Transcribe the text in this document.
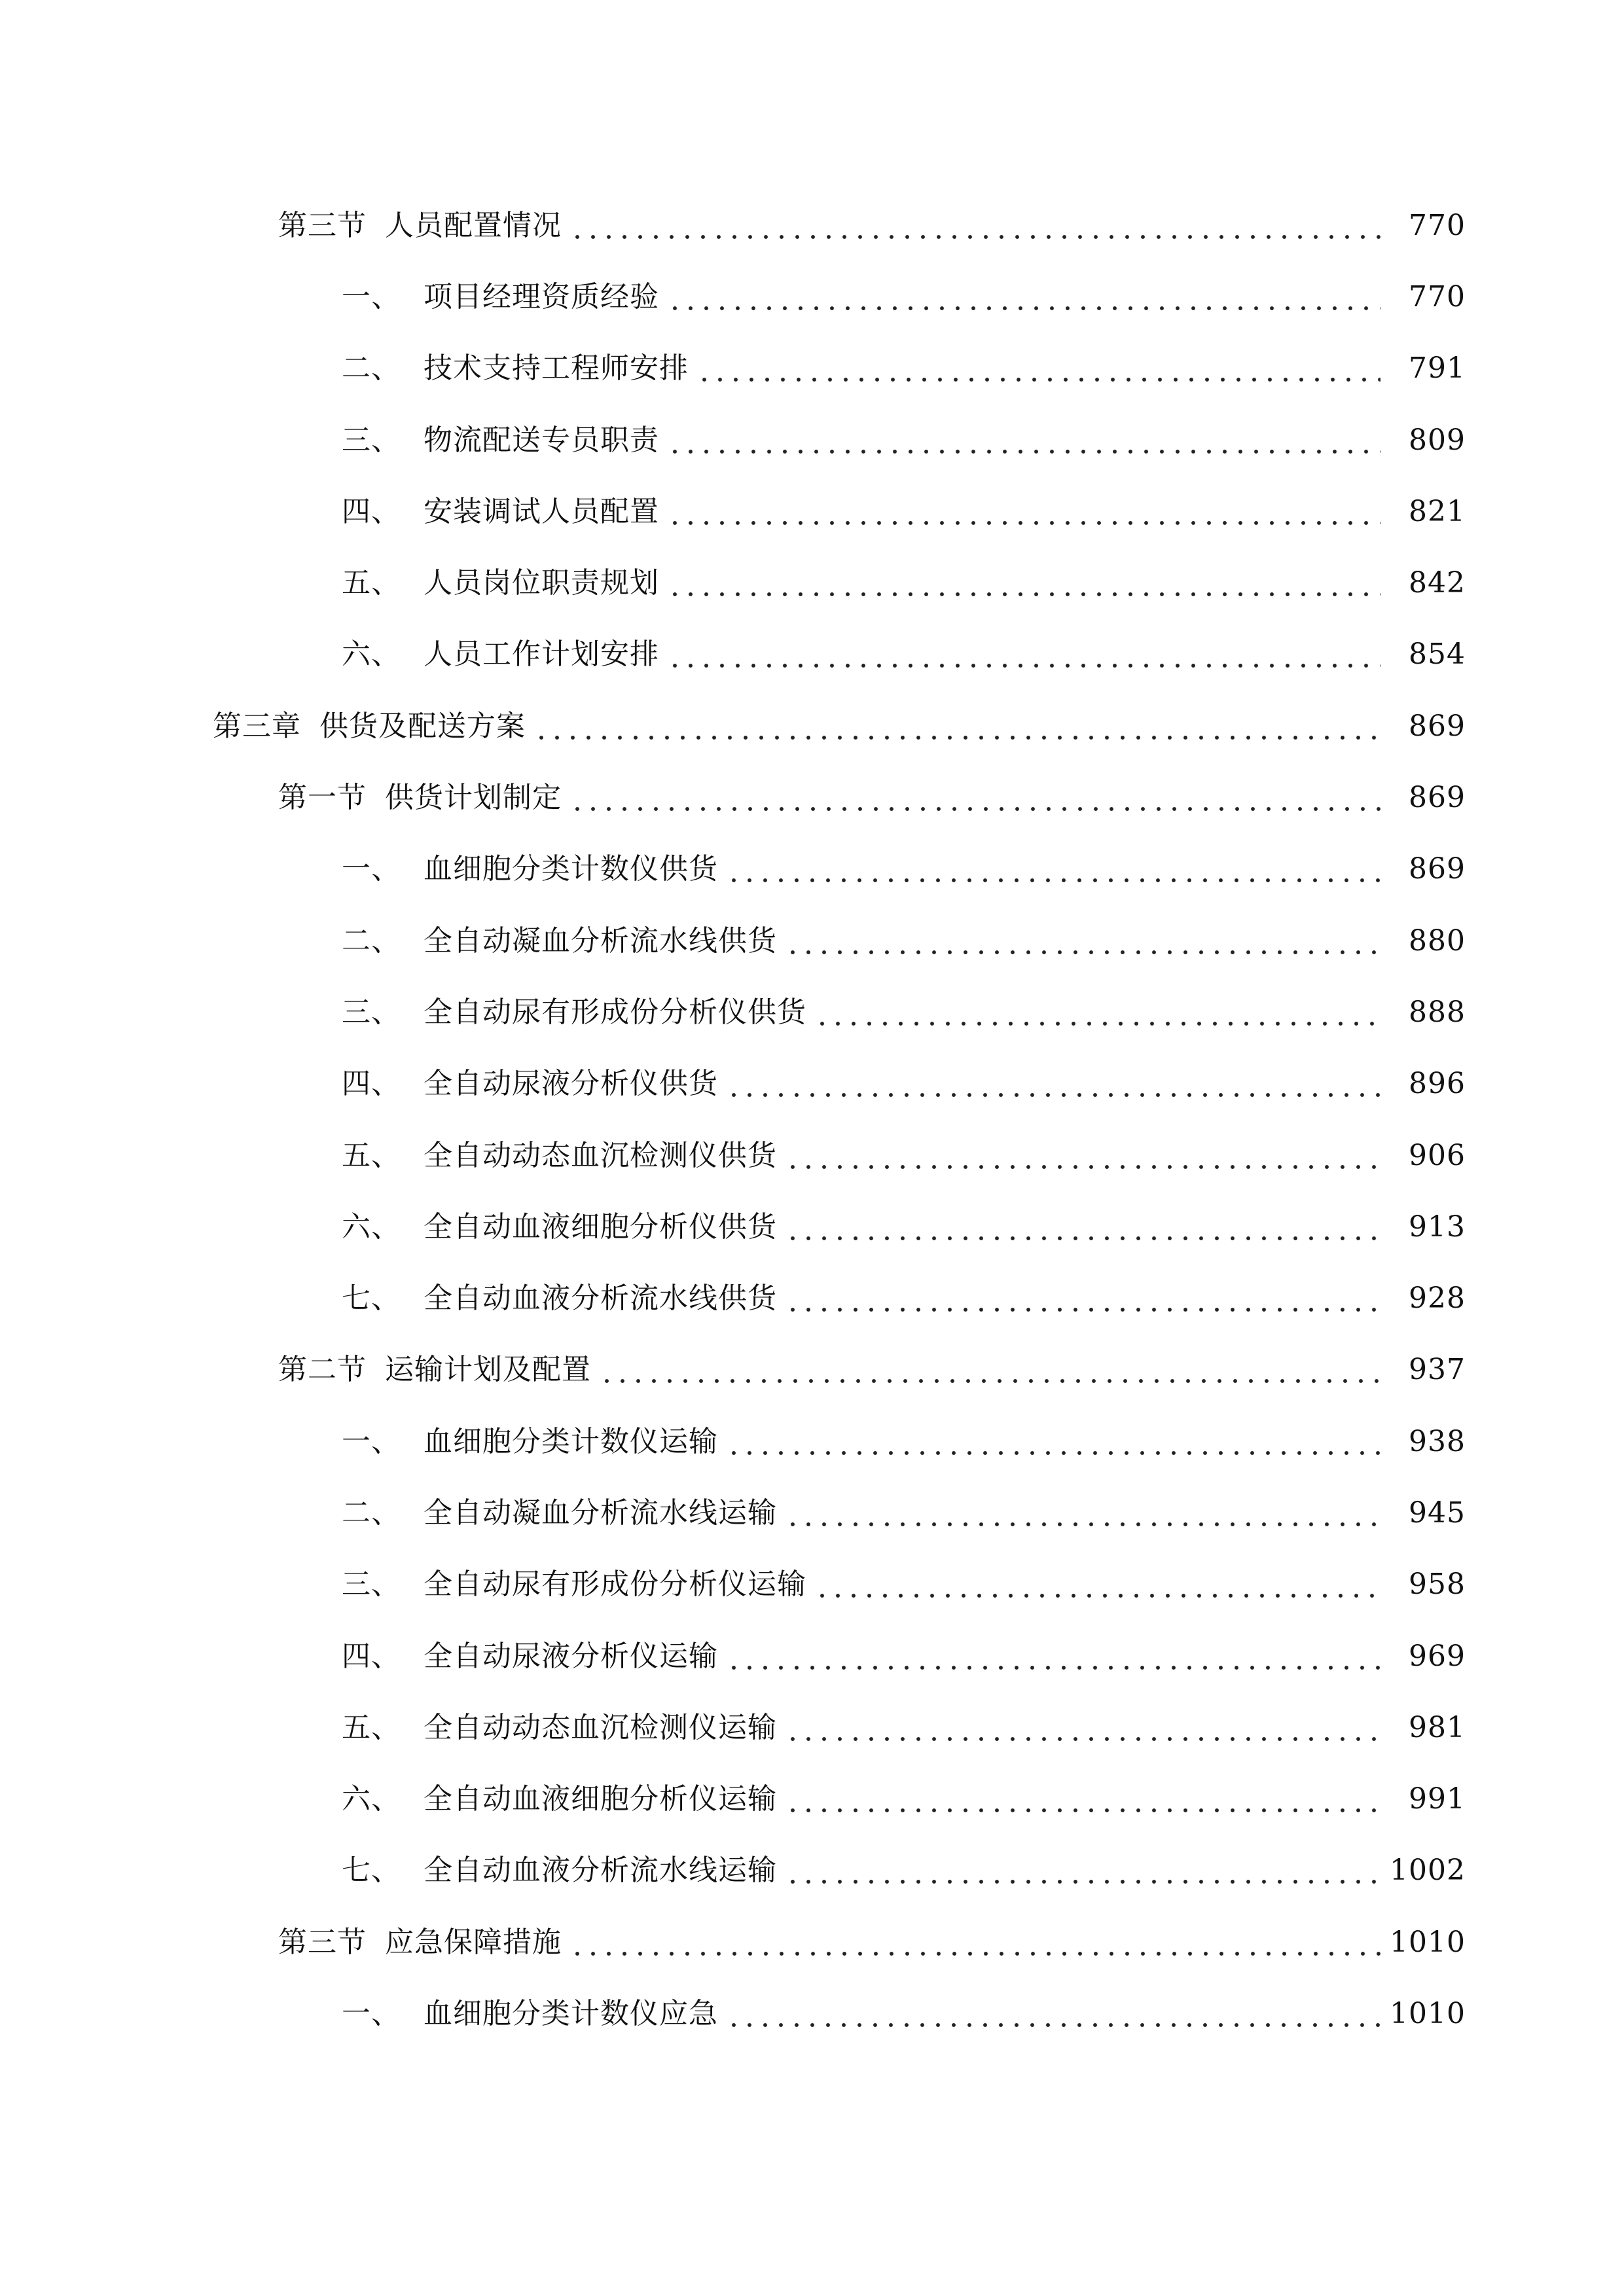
第三节 人员配置情况	770
一、 项目经理资质经验	770
二、 技术支持工程师安排	791
三、 物流配送专员职责	809
四、 安装调试人员配置	821
五、 人员岗位职责规划	842
六、 人员工作计划安排	854
第三章 供货及配送方案	869
第一节 供货计划制定	869
一、 血细胞分类计数仪供货	869
二、 全自动凝血分析流水线供货	880
三、 全自动尿有形成份分析仪供货	888
四、 全自动尿液分析仪供货	896
五、 全自动动态血沉检测仪供货	906
六、 全自动血液细胞分析仪供货	913
七、 全自动血液分析流水线供货	928
第二节 运输计划及配置	937
一、 血细胞分类计数仪运输	938
二、 全自动凝血分析流水线运输	945
三、 全自动尿有形成份分析仪运输	958
四、 全自动尿液分析仪运输	969
五、 全自动动态血沉检测仪运输	981
六、 全自动血液细胞分析仪运输	991
七、 全自动血液分析流水线运输	1002
第三节 应急保障措施	1010
一、 血细胞分类计数仪应急	1010
